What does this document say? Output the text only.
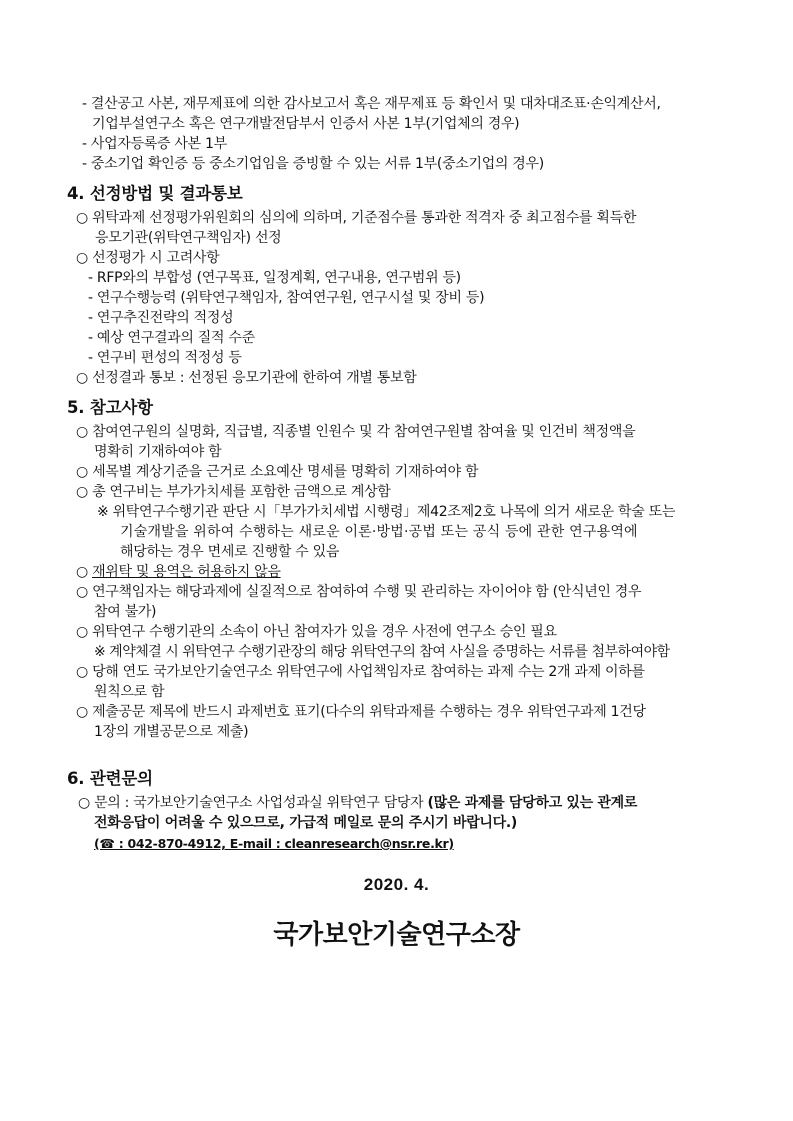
- 결산공고 사본, 재무제표에 의한 감사보고서 혹은 재무제표 등 확인서 및 대차대조표·손익계산서,

기업부설연구소 혹은 연구개발전담부서 인증서 사본 1부(기업체의 경우)

- 사업자등록증 사본 1부

- 중소기업 확인증 등 중소기업임을 증빙할 수 있는 서류 1부(중소기업의 경우)

4. 선정방법 및 결과통보

○ 위탁과제 선정평가위원회의 심의에 의하며, 기준점수를 통과한 적격자 중 최고점수를 획득한

응모기관(위탁연구책임자) 선정

○ 선정평가 시 고려사항

- RFP와의 부합성 (연구목표, 일정계획, 연구내용, 연구범위 등)

- 연구수행능력 (위탁연구책임자, 참여연구원, 연구시설 및 장비 등)

- 연구추진전략의 적정성

- 예상 연구결과의 질적 수준

- 연구비 편성의 적정성 등

○ 선정결과 통보 : 선정된 응모기관에 한하여 개별 통보함

5. 참고사항

○ 참여연구원의 실명화, 직급별, 직종별 인원수 및 각 참여연구원별 참여율 및 인건비 책정액을

명확히 기재하여야 함

○ 세목별 계상기준을 근거로 소요예산 명세를 명확히 기재하여야 함

○ 총 연구비는 부가가치세를 포함한 금액으로 계상함

※ 위탁연구수행기관 판단 시「부가가치세법 시행령」제42조제2호 나목에 의거 새로운 학술 또는

기술개발을 위하여 수행하는 새로운 이론·방법·공법 또는 공식 등에 관한 연구용역에

해당하는 경우 면세로 진행할 수 있음

○ 재위탁 및 용역은 허용하지 않음

○ 연구책임자는 해당과제에 실질적으로 참여하여 수행 및 관리하는 자이어야 함 (안식년인 경우

참여 불가)

○ 위탁연구 수행기관의 소속이 아닌 참여자가 있을 경우 사전에 연구소 승인 필요

※ 계약체결 시 위탁연구 수행기관장의 해당 위탁연구의 참여 사실을 증명하는 서류를 첨부하여야함

○ 당해 연도 국가보안기술연구소 위탁연구에 사업책임자로 참여하는 과제 수는 2개 과제 이하를

원칙으로 함

○ 제출공문 제목에 반드시 과제번호 표기(다수의 위탁과제를 수행하는 경우 위탁연구과제 1건당

1장의 개별공문으로 제출)

6. 관련문의

○ 문의 : 국가보안기술연구소 사업성과실 위탁연구 담당자 (많은 과제를 담당하고 있는 관계로

전화응답이 어려울 수 있으므로, 가급적 메일로 문의 주시기 바랍니다.)

(☎ : 042-870-4912, E-mail : cleanresearch@nsr.re.kr)

2020. 4.
국가보안기술연구소장
